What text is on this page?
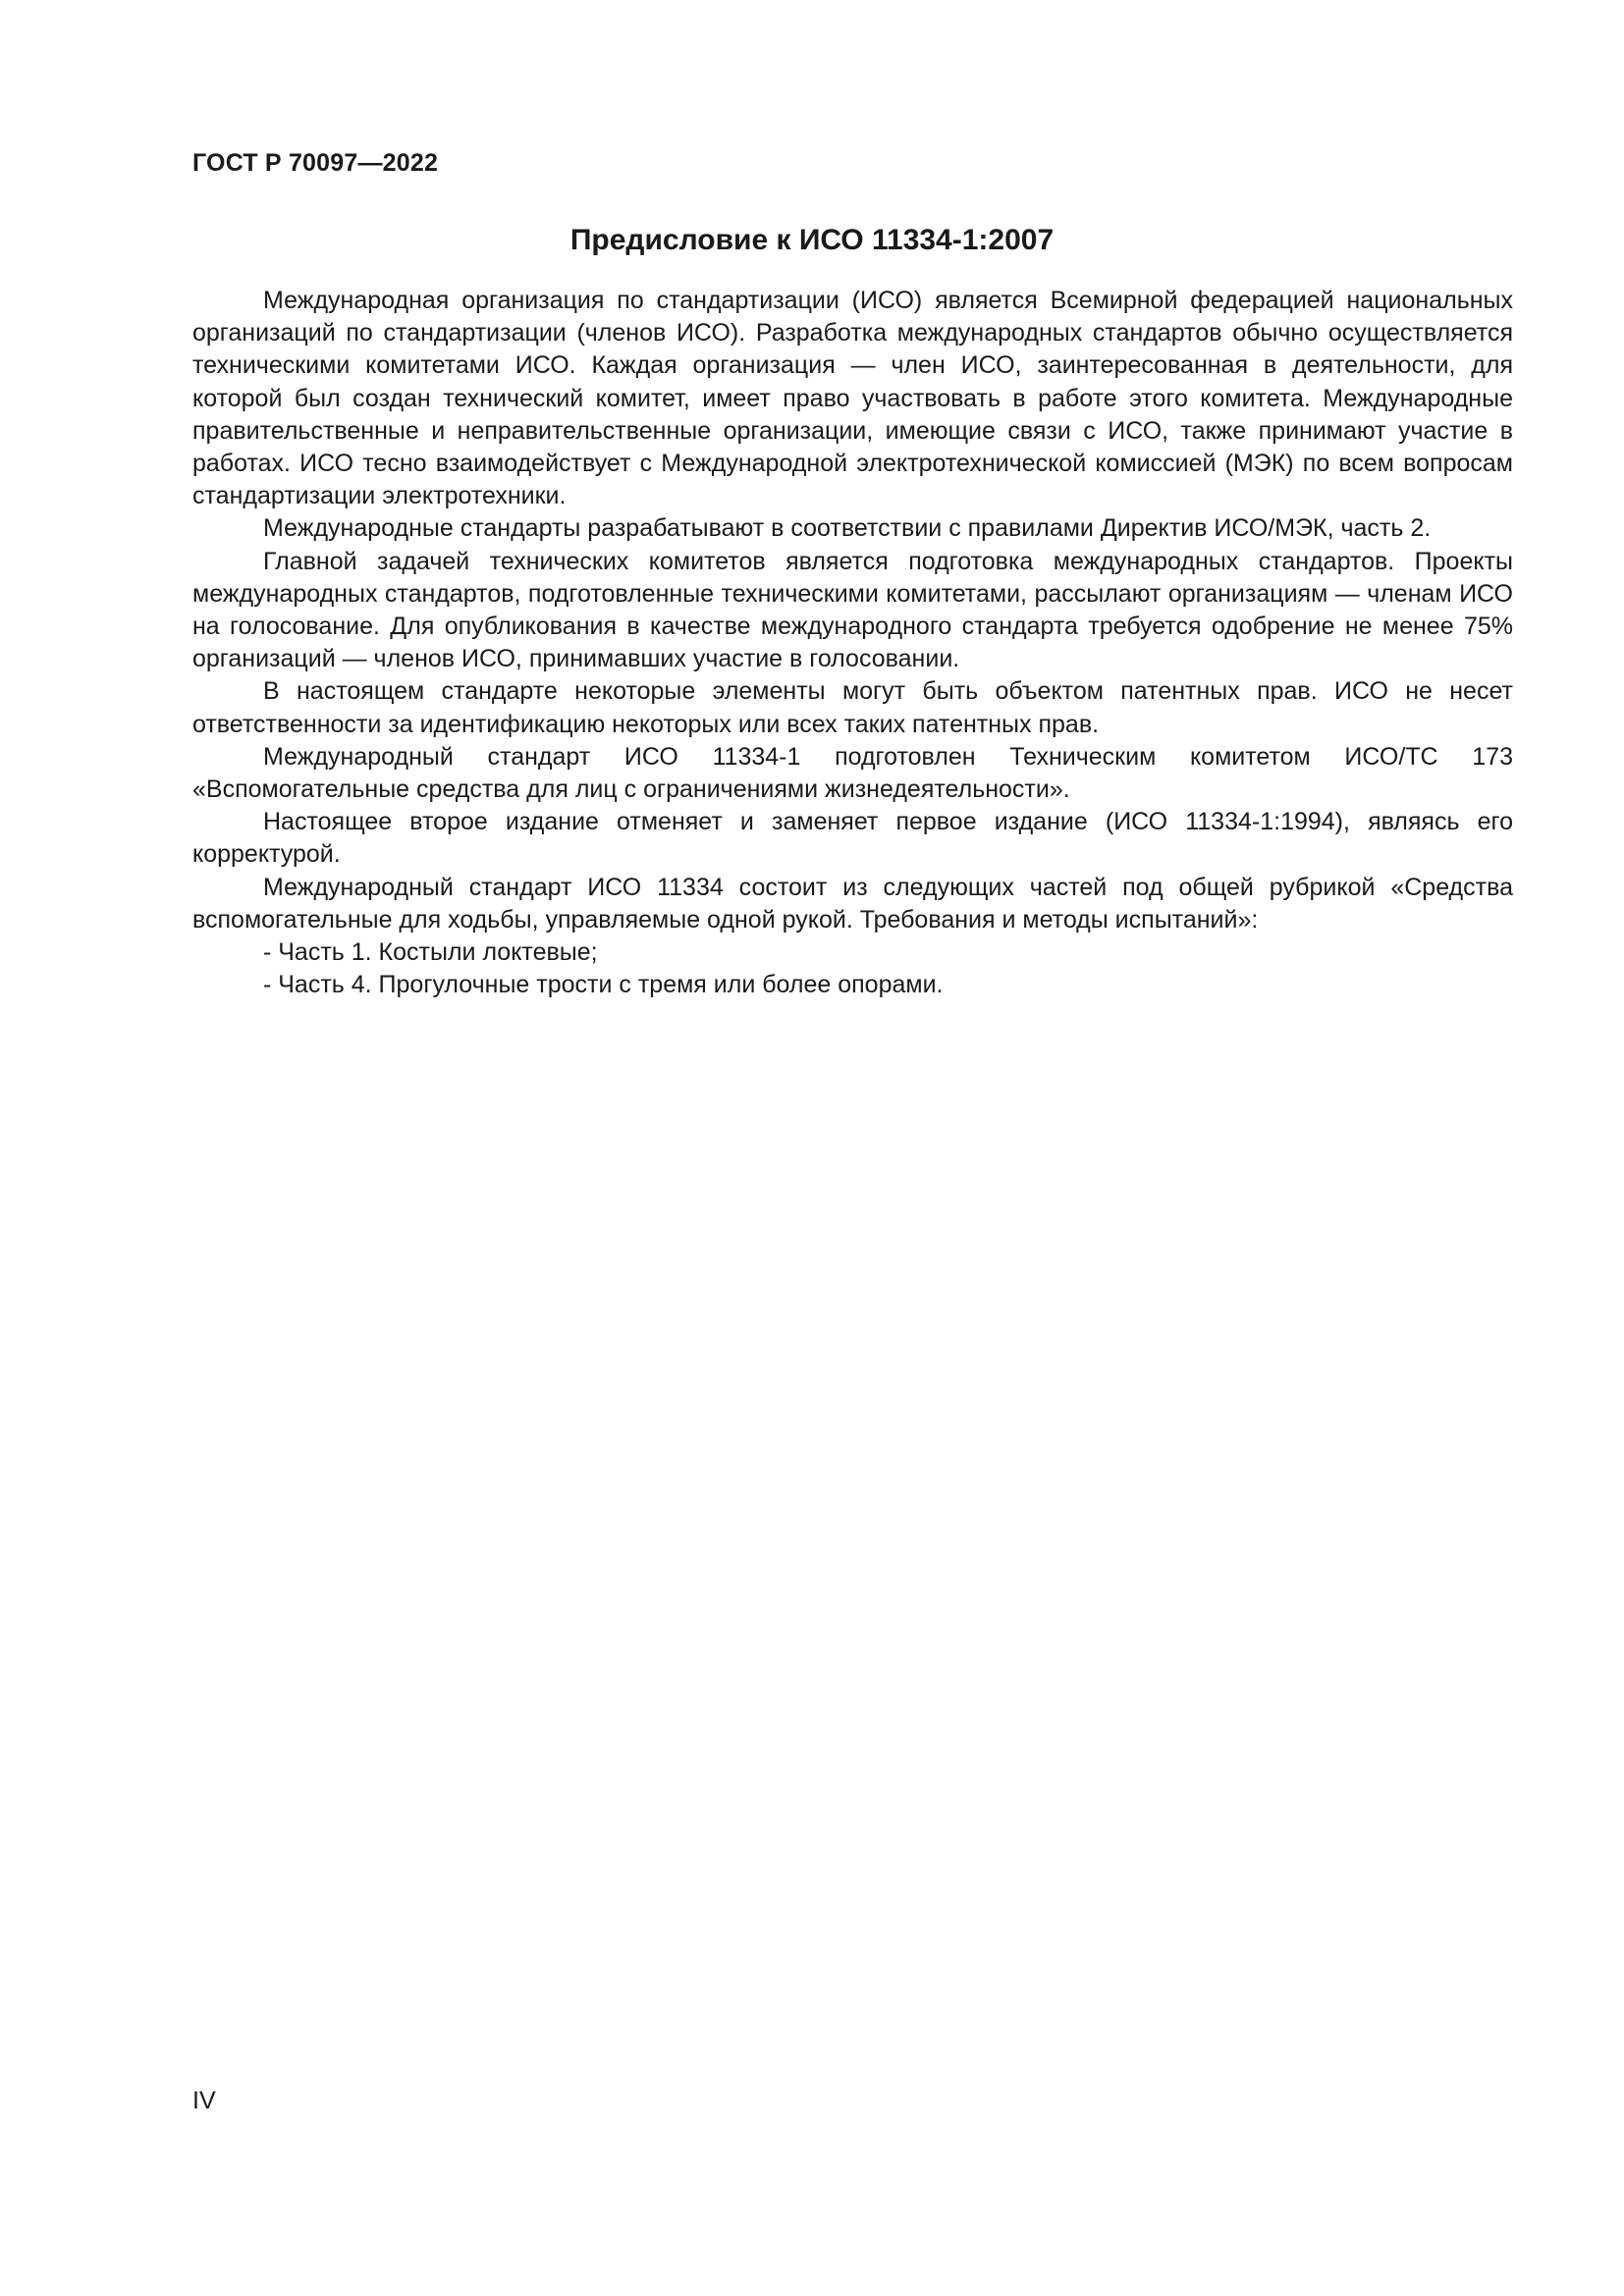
ГОСТ Р 70097—2022
Предисловие к ИСО 11334-1:2007

Международная организация по стандартизации (ИСО) является Всемирной федерацией национальных организаций по стандартизации (членов ИСО). Разработка международных стандартов обычно осуществляется техническими комитетами ИСО. Каждая организация — член ИСО, заинтересованная в деятельности, для которой был создан технический комитет, имеет право участвовать в работе этого комитета. Международные правительственные и неправительственные организации, имеющие связи с ИСО, также принимают участие в работах. ИСО тесно взаимодействует с Международной электротехнической комиссией (МЭК) по всем вопросам стандартизации электротехники.

Международные стандарты разрабатывают в соответствии с правилами Директив ИСО/МЭК, часть 2.

Главной задачей технических комитетов является подготовка международных стандартов. Проекты международных стандартов, подготовленные техническими комитетами, рассылают организациям — членам ИСО на голосование. Для опубликования в качестве международного стандарта требуется одобрение не менее 75% организаций — членов ИСО, принимавших участие в голосовании.

В настоящем стандарте некоторые элементы могут быть объектом патентных прав. ИСО не несет ответственности за идентификацию некоторых или всех таких патентных прав.

Международный стандарт ИСО 11334-1 подготовлен Техническим комитетом ИСО/ТС 173 «Вспомогательные средства для лиц с ограничениями жизнедеятельности».

Настоящее второе издание отменяет и заменяет первое издание (ИСО 11334-1:1994), являясь его корректурой.

Международный стандарт ИСО 11334 состоит из следующих частей под общей рубрикой «Средства вспомогательные для ходьбы, управляемые одной рукой. Требования и методы испытаний»:

- Часть 1. Костыли локтевые;

- Часть 4. Прогулочные трости с тремя или более опорами.

IV
